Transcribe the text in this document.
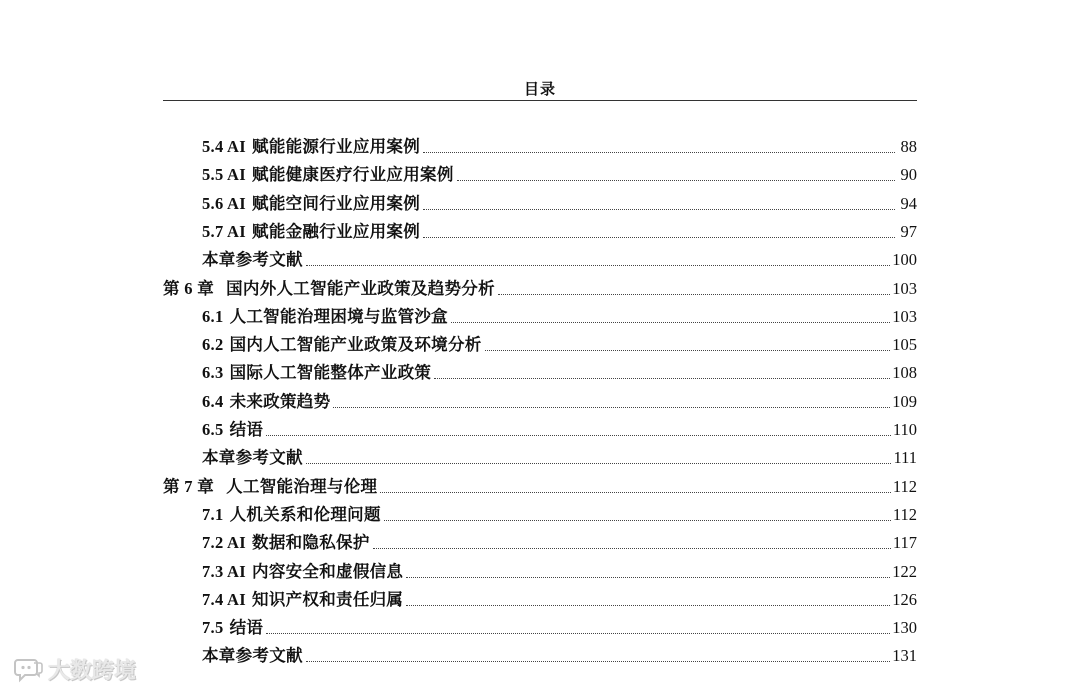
目录
5.4 AI 赋能能源行业应用案例	88
5.5 AI 赋能健康医疗行业应用案例	90
5.6 AI 赋能空间行业应用案例	94
5.7 AI 赋能金融行业应用案例	97
本章参考文献	100
第 6 章 国内外人工智能产业政策及趋势分析	103
6.1 人工智能治理困境与监管沙盒	103
6.2 国内人工智能产业政策及环境分析	105
6.3 国际人工智能整体产业政策	108
6.4 未来政策趋势	109
6.5 结语	110
本章参考文献	111
第 7 章 人工智能治理与伦理	112
7.1 人机关系和伦理问题	112
7.2 AI 数据和隐私保护	117
7.3 AI 内容安全和虚假信息	122
7.4 AI 知识产权和责任归属	126
7.5 结语	130
本章参考文献	131
大数跨境
